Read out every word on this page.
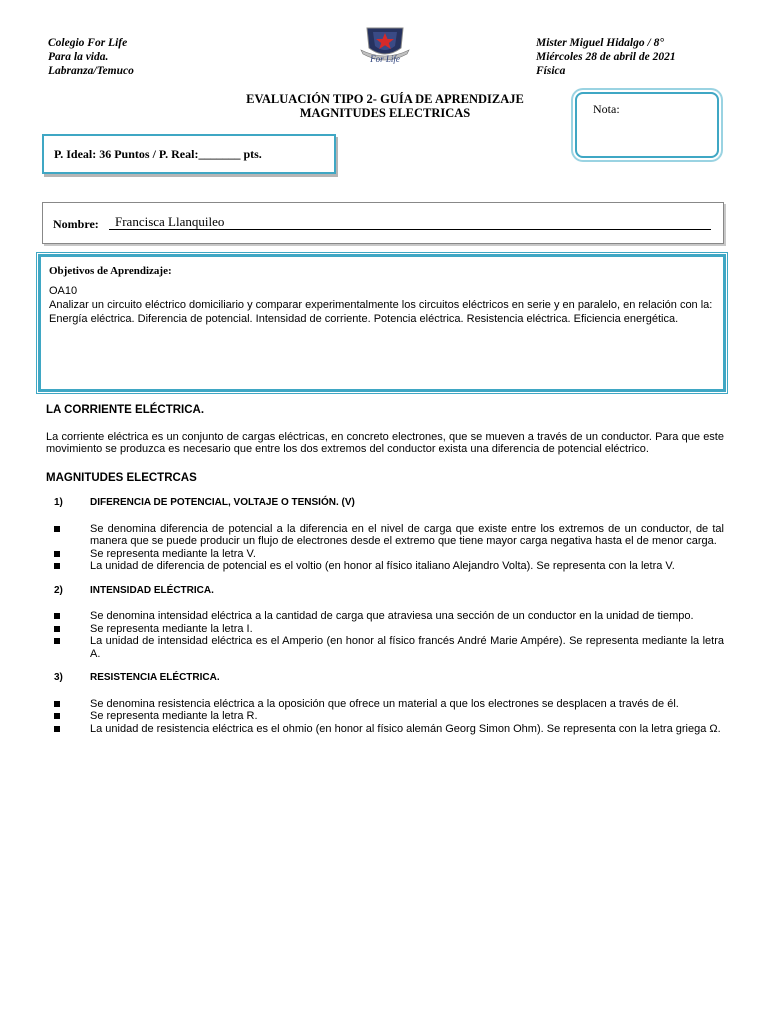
Colegio For Life
Para la vida.
Labranza/Temuco
For Life
Mister Miguel Hidalgo / 8°
Miércoles 28 de abril de 2021
Física
EVALUACIÓN TIPO 2- GUÍA DE APRENDIZAJE
MAGNITUDES ELECTRICAS	Nota:
P. Ideal: 36 Puntos / P. Real:_______ pts.
Nombre:	Francisca Llanquileo
Objetivos de Aprendizaje:
OA10
Analizar un circuito eléctrico domiciliario y comparar experimentalmente los circuitos eléctricos en serie y en paralelo, en relación con la: Energía eléctrica. Diferencia de potencial. Intensidad de corriente. Potencia eléctrica. Resistencia eléctrica. Eficiencia energética.

LA CORRIENTE ELÉCTRICA.

La corriente eléctrica es un conjunto de cargas eléctricas, en concreto electrones, que se mueven a través de un conductor. Para que este movimiento se produzca es necesario que entre los dos extremos del conductor exista una diferencia de potencial eléctrico.

MAGNITUDES ELECTRCAS

1)	DIFERENCIA DE POTENCIAL, VOLTAJE O TENSIÓN. (V)

Se denomina diferencia de potencial a la diferencia en el nivel de carga que existe entre los extremos de un conductor, de tal manera que se puede producir un flujo de electrones desde el extremo que tiene mayor carga negativa hasta el de menor carga.
Se representa mediante la letra V.
La unidad de diferencia de potencial es el voltio (en honor al físico italiano Alejandro Volta). Se representa con la letra V.

2)	INTENSIDAD ELÉCTRICA.

Se denomina intensidad eléctrica a la cantidad de carga que atraviesa una sección de un conductor en la unidad de tiempo.
Se representa mediante la letra I.
La unidad de intensidad eléctrica es el Amperio (en honor al físico francés André Marie Ampére). Se representa mediante la letra A.

3)	RESISTENCIA ELÉCTRICA.

Se denomina resistencia eléctrica a la oposición que ofrece un material a que los electrones se desplacen a través de él.
Se representa mediante la letra R.
La unidad de resistencia eléctrica es el ohmio (en honor al físico alemán Georg Simon Ohm). Se representa con la letra griega Ω.
